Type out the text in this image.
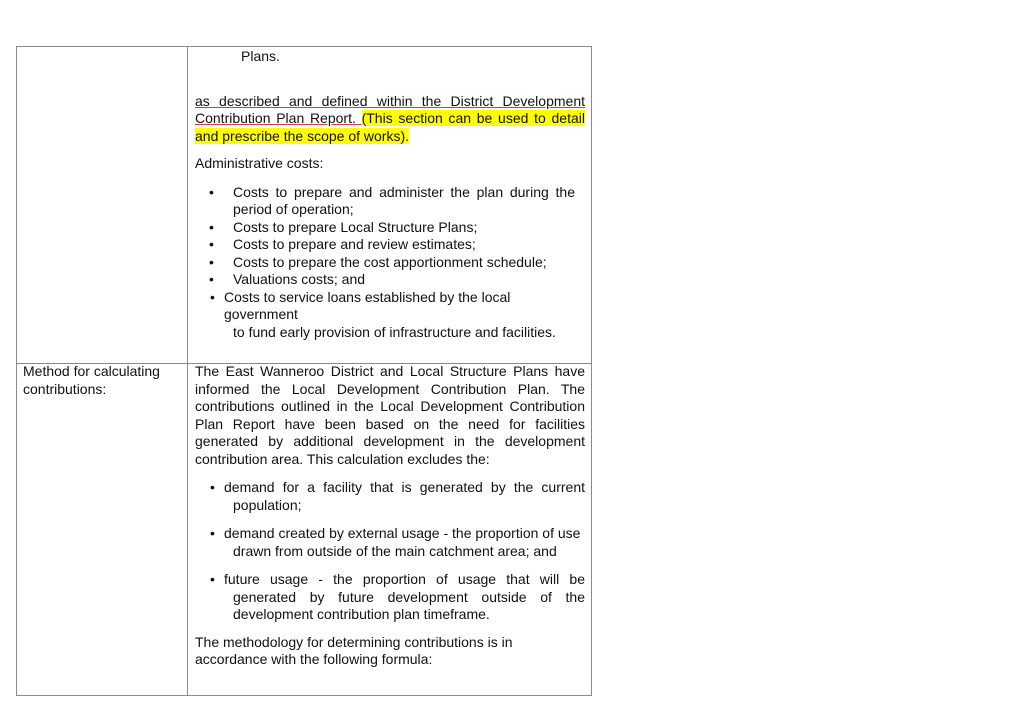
Plans.

as described and defined within the District Development Contribution Plan Report. (This section can be used to detail and prescribe the scope of works).

Administrative costs:

• Costs to prepare and administer the plan during the period of operation;
• Costs to prepare Local Structure Plans;
• Costs to prepare and review estimates;
• Costs to prepare the cost apportionment schedule;
• Valuations costs; and
• Costs to service loans established by the local government
to fund early provision of infrastructure and facilities.
Method for calculating contributions:

The East Wanneroo District and Local Structure Plans have informed the Local Development Contribution Plan. The contributions outlined in the Local Development Contribution Plan Report have been based on the need for facilities generated by additional development in the development contribution area. This calculation excludes the:

• demand for a facility that is generated by the current
population;
• demand created by external usage - the proportion of use
drawn from outside of the main catchment area; and
• future usage - the proportion of usage that will be
generated by future development outside of the development contribution plan timeframe.

The methodology for determining contributions is in accordance with the following formula:
